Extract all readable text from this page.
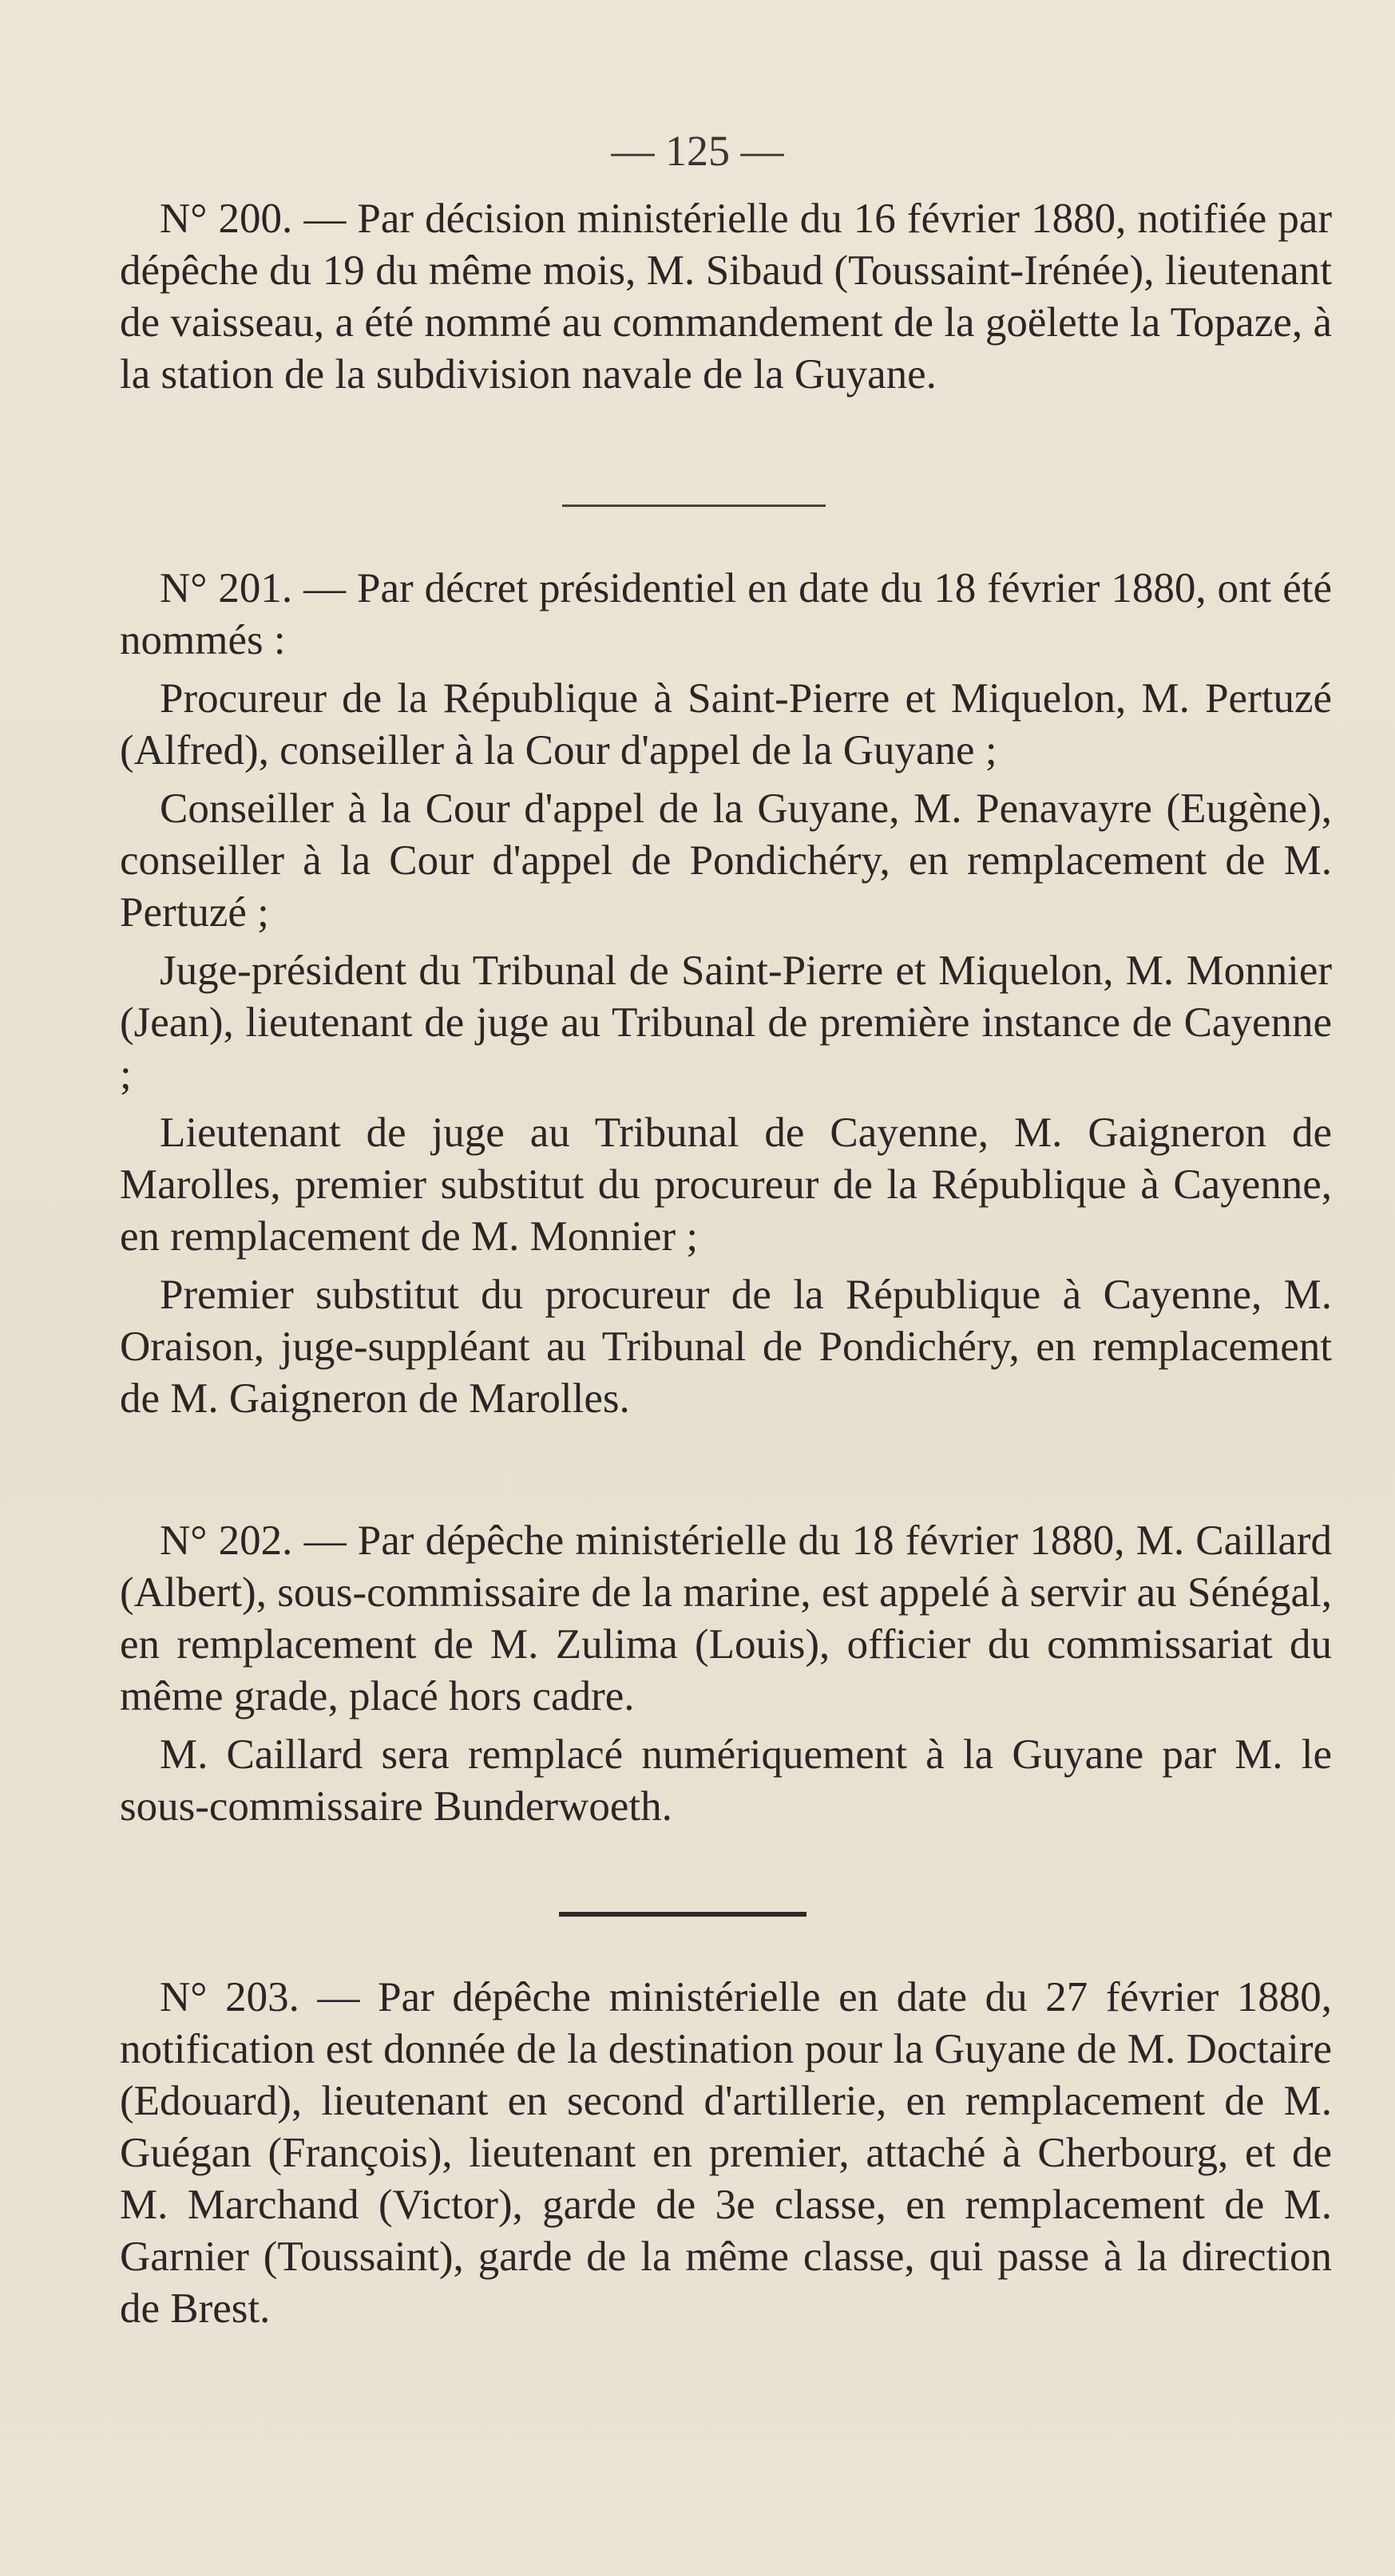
— 125 —

N° 200. — Par décision ministérielle du 16 février 1880, notifiée par dépêche du 19 du même mois, M. Sibaud (Toussaint-Irénée), lieutenant de vaisseau, a été nommé au commandement de la goëlette la Topaze, à la station de la subdivision navale de la Guyane.

N° 201. — Par décret présidentiel en date du 18 février 1880, ont été nommés :

Procureur de la République à Saint-Pierre et Miquelon, M. Pertuzé (Alfred), conseiller à la Cour d'appel de la Guyane ;

Conseiller à la Cour d'appel de la Guyane, M. Penavayre (Eugène), conseiller à la Cour d'appel de Pondichéry, en remplacement de M. Pertuzé ;

Juge-président du Tribunal de Saint-Pierre et Miquelon, M. Monnier (Jean), lieutenant de juge au Tribunal de première instance de Cayenne ;

Lieutenant de juge au Tribunal de Cayenne, M. Gaigneron de Marolles, premier substitut du procureur de la République à Cayenne, en remplacement de M. Monnier ;

Premier substitut du procureur de la République à Cayenne, M. Oraison, juge-suppléant au Tribunal de Pondichéry, en remplacement de M. Gaigneron de Marolles.

N° 202. — Par dépêche ministérielle du 18 février 1880, M. Caillard (Albert), sous-commissaire de la marine, est appelé à servir au Sénégal, en remplacement de M. Zulima (Louis), officier du commissariat du même grade, placé hors cadre.

M. Caillard sera remplacé numériquement à la Guyane par M. le sous-commissaire Bunderwoeth.

N° 203. — Par dépêche ministérielle en date du 27 février 1880, notification est donnée de la destination pour la Guyane de M. Doctaire (Edouard), lieutenant en second d'artillerie, en remplacement de M. Guégan (François), lieutenant en premier, attaché à Cherbourg, et de M. Marchand (Victor), garde de 3e classe, en remplacement de M. Garnier (Toussaint), garde de la même classe, qui passe à la direction de Brest.
